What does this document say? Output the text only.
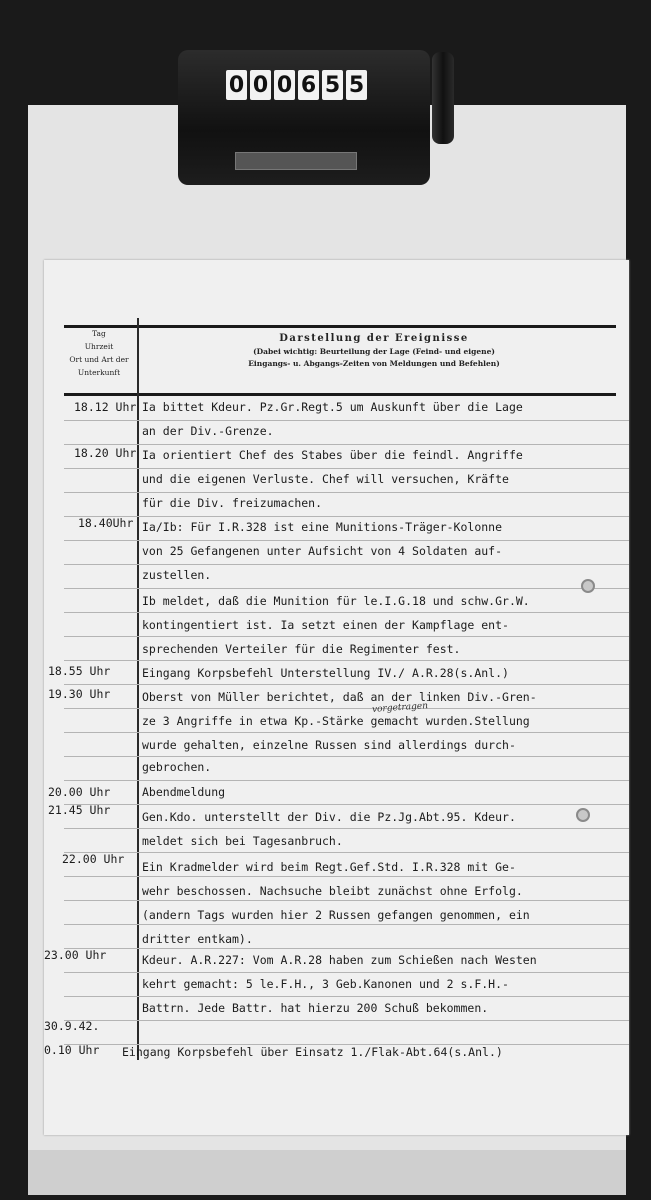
0 0 0 6 5 5
Tag
Uhrzeit
Ort und Art der
Unterkunft
Darstellung der Ereignisse
(Dabei wichtig: Beurteilung der Lage (Feind- und eigene)
Eingangs- u. Abgangs-Zeiten von Meldungen und Befehlen)
18.12 Uhr Ia bittet Kdeur. Pz.Gr.Regt.5 um Auskunft über die Lage
an der Div.-Grenze.
18.20 Uhr Ia orientiert Chef des Stabes über die feindl. Angriffe
und die eigenen Verluste. Chef will versuchen, Kräfte
für die Div. freizumachen.
18.40Uhr Ia/Ib: Für I.R.328 ist eine Munitions-Träger-Kolonne
von 25 Gefangenen unter Aufsicht von 4 Soldaten auf-
zustellen.
Ib meldet, daß die Munition für le.I.G.18 und schw.Gr.W.
kontingentiert ist. Ia setzt einen der Kampflage ent-
sprechenden Verteiler für die Regimenter fest.
18.55 Uhr	Eingang Korpsbefehl Unterstellung IV./ A.R.28(s.Anl.)
19.30 Uhr	Oberst von Müller berichtet, daß an der linken Div.-Gren-
ze 3 Angriffe in etwa Kp.-Stärke gemacht wurden.Stellung
wurde gehalten, einzelne Russen sind allerdings durch-
gebrochen.
vorgetragen
20.00 Uhr	Abendmeldung
21.45 Uhr	Gen.Kdo. unterstellt der Div. die Pz.Jg.Abt.95. Kdeur.
meldet sich bei Tagesanbruch.
22.00 Uhr
Ein Kradmelder wird beim Regt.Gef.Std. I.R.328 mit Ge-
wehr beschossen. Nachsuche bleibt zunächst ohne Erfolg.
(andern Tags wurden hier 2 Russen gefangen genommen, ein
dritter entkam).
23.00 Uhr	Kdeur. A.R.227: Vom A.R.28 haben zum Schießen nach Westen
kehrt gemacht: 5 le.F.H., 3 Geb.Kanonen und 2 s.F.H.-
Battrn. Jede Battr. hat hierzu 200 Schuß bekommen.
30.9.42.
0.10 Uhr Eingang Korpsbefehl über Einsatz 1./Flak-Abt.64(s.Anl.)
